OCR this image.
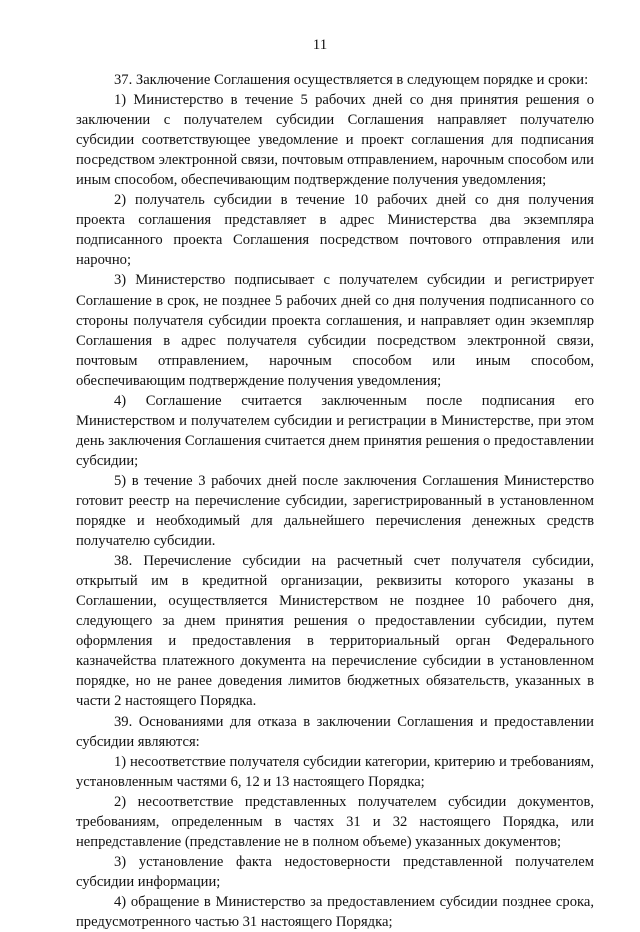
11

37. Заключение Соглашения осуществляется в следующем порядке и сроки:

1) Министерство в течение 5 рабочих дней со дня принятия решения о заключении с получателем субсидии Соглашения направляет получателю субсидии соответствующее уведомление и проект соглашения для подписания посредством электронной связи, почтовым отправлением, нарочным способом или иным способом, обеспечивающим подтверждение получения уведомления;

2) получатель субсидии в течение 10 рабочих дней со дня получения проекта соглашения представляет в адрес Министерства два экземпляра подписанного проекта Соглашения посредством почтового отправления или нарочно;

3) Министерство подписывает с получателем субсидии и регистрирует Соглашение в срок, не позднее 5 рабочих дней со дня получения подписанного со стороны получателя субсидии проекта соглашения, и направляет один экземпляр Соглашения в адрес получателя субсидии посредством электронной связи, почтовым отправлением, нарочным способом или иным способом, обеспечивающим подтверждение получения уведомления;

4) Соглашение считается заключенным после подписания его Министерством и получателем субсидии и регистрации в Министерстве, при этом день заключения Соглашения считается днем принятия решения о предоставлении субсидии;

5) в течение 3 рабочих дней после заключения Соглашения Министерство готовит реестр на перечисление субсидии, зарегистрированный в установленном порядке и необходимый для дальнейшего перечисления денежных средств получателю субсидии.

38. Перечисление субсидии на расчетный счет получателя субсидии, открытый им в кредитной организации, реквизиты которого указаны в Соглашении, осуществляется Министерством не позднее 10 рабочего дня, следующего за днем принятия решения о предоставлении субсидии, путем оформления и предоставления в территориальный орган Федерального казначейства платежного документа на перечисление субсидии в установленном порядке, но не ранее доведения лимитов бюджетных обязательств, указанных в части 2 настоящего Порядка.

39. Основаниями для отказа в заключении Соглашения и предоставлении субсидии являются:

1) несоответствие получателя субсидии категории, критерию и требованиям, установленным частями 6, 12 и 13 настоящего Порядка;

2) несоответствие представленных получателем субсидии документов, требованиям, определенным в частях 31 и 32 настоящего Порядка, или непредставление (представление не в полном объеме) указанных документов;

3) установление факта недостоверности представленной получателем субсидии информации;

4) обращение в Министерство за предоставлением субсидии позднее срока, предусмотренного частью 31 настоящего Порядка;
